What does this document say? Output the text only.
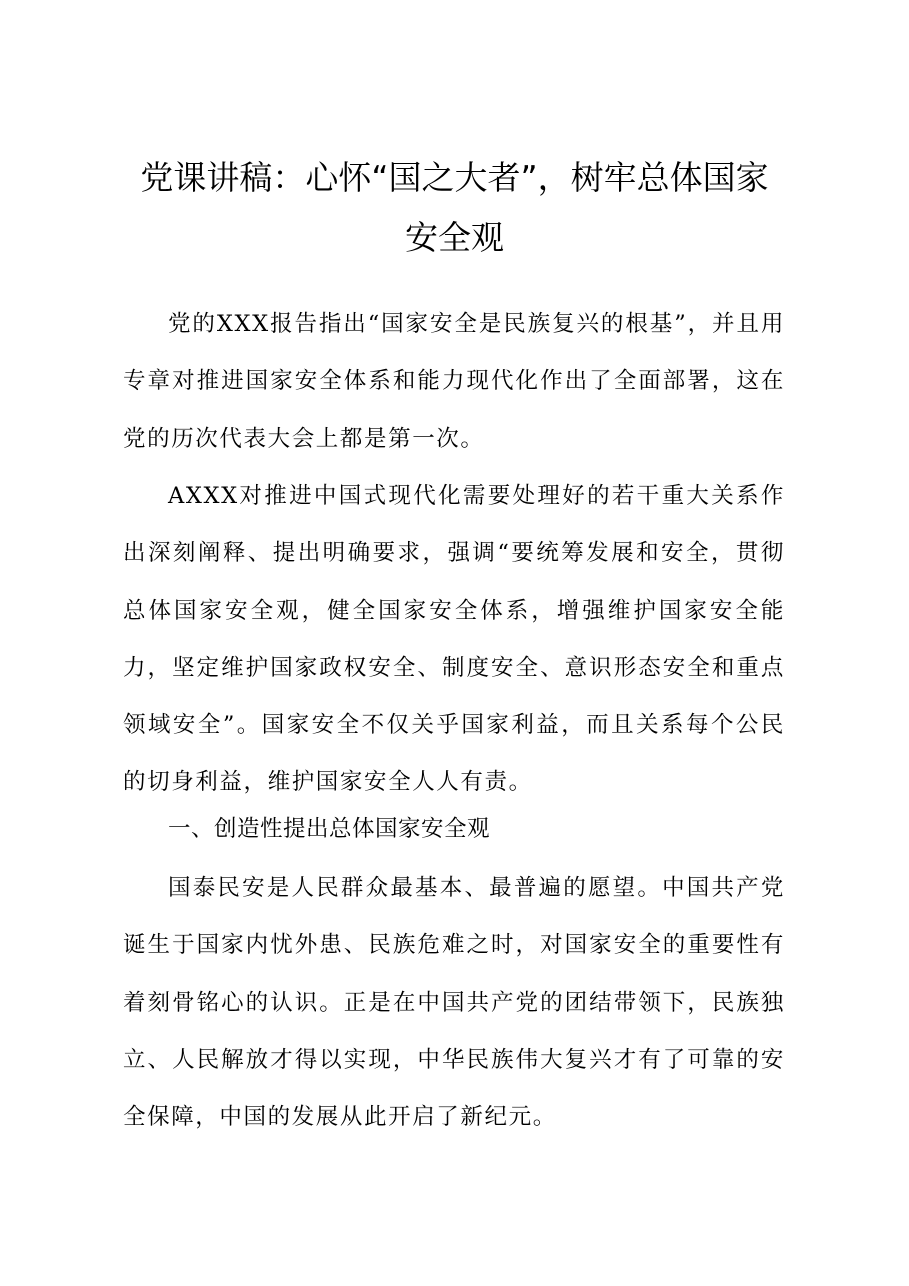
党课讲稿：心怀“国之大者”，树牢总体国家
安全观

党的XXX报告指出“国家安全是民族复兴的根基”，并且用专章对推进国家安全体系和能力现代化作出了全面部署，这在党的历次代表大会上都是第一次。

AXXX对推进中国式现代化需要处理好的若干重大关系作出深刻阐释、提出明确要求，强调“要统筹发展和安全，贯彻总体国家安全观，健全国家安全体系，增强维护国家安全能力，坚定维护国家政权安全、制度安全、意识形态安全和重点领域安全”。国家安全不仅关乎国家利益，而且关系每个公民的切身利益，维护国家安全人人有责。

一、创造性提出总体国家安全观

国泰民安是人民群众最基本、最普遍的愿望。中国共产党诞生于国家内忧外患、民族危难之时，对国家安全的重要性有着刻骨铭心的认识。正是在中国共产党的团结带领下，民族独立、人民解放才得以实现，中华民族伟大复兴才有了可靠的安全保障，中国的发展从此开启了新纪元。
